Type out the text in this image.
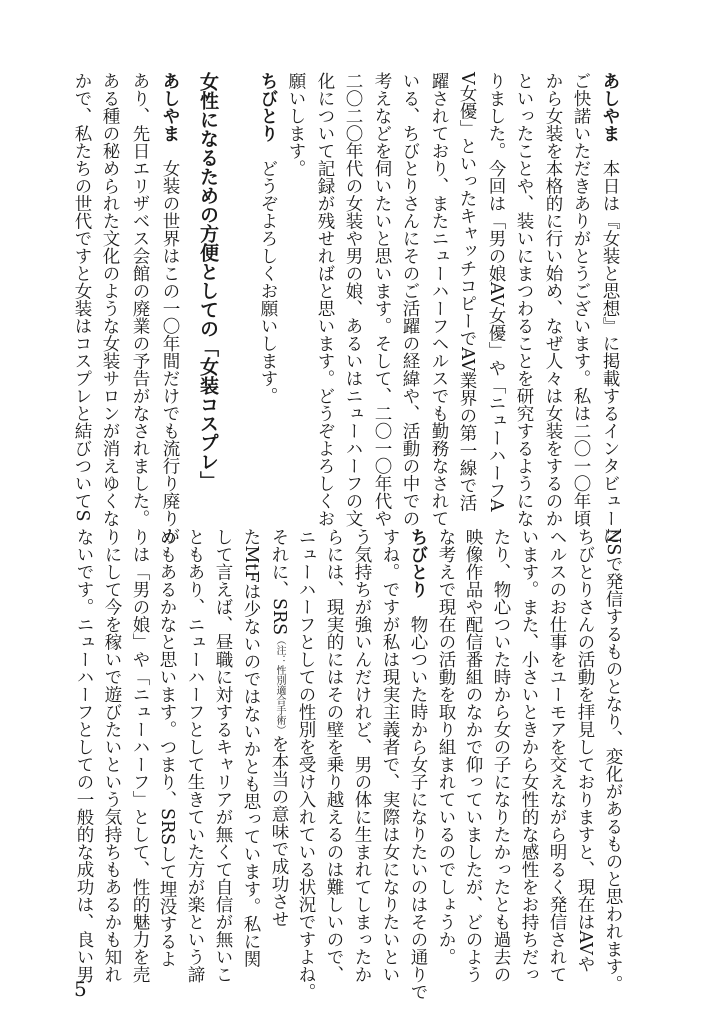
あしやま　本日は『女装と思想』に掲載するインタビューに
ご快諾いただきありがとうございます。私は二〇一〇年頃
から女装を本格的に行い始め、なぜ人々は女装をするのか
といったことや、装いにまつわることを研究するようにな
りました。今回は「男の娘AV女優」や「ニューハーフA
V女優」といったキャッチコピーでAV業界の第一線で活
躍されており、またニューハーフヘルスでも勤務なされて
いる、ちびとりさんにそのご活躍の経緯や、活動の中での
考えなどを伺いたいと思います。そして、二〇一〇年代や
二〇二〇年代の女装や男の娘、あるいはニューハーフの文
化について記録が残せればと思います。どうぞよろしくお
願いします。
ちびとり　どうぞよろしくお願いします。
女性になるための方便としての「女装コスプレ」
あしやま　女装の世界はこの一〇年間だけでも流行り廃りが
あり、先日エリザベス会館の廃業の予告がなされました。
ある種の秘められた文化のような女装サロンが消えゆくな
かで、私たちの世代ですと女装はコスプレと結びついてS
NSで発信するものとなり、変化があるものと思われます。
ちびとりさんの活動を拝見しておりますと、現在はAVや
ヘルスのお仕事をユーモアを交えながら明るく発信されて
います。また、小さいときから女性的な感性をお持ちだっ
たり、物心ついた時から女の子になりたかったとも過去の
映像作品や配信番組のなかで仰っていましたが、どのよう
な考えで現在の活動を取り組まれているのでしょうか。
ちびとり　物心ついた時から女子になりたいのはその通りで
すね。ですが私は現実主義者で、実際は女になりたいとい
う気持ちが強いんだけれど、男の体に生まれてしまったか
らには、現実的にはその壁を乗り越えるのは難しいので、
ニューハーフとしての性別を受け入れている状況ですよね。
それに、SRS（注：性別適合手術）を本当の意味で成功させ
たMtFは少ないのではないかとも思っています。私に関
して言えば、昼職に対するキャリアが無くて自信が無いこ
ともあり、ニューハーフとして生きていた方が楽という諦
めもあるかなと思います。つまり、SRSして埋没するよ
りは「男の娘」や「ニューハーフ」として、性的魅力を売
りにして今を稼いで遊びたいという気持ちもあるかも知れ
ないです。ニューハーフとしての一般的な成功は、良い男
5
